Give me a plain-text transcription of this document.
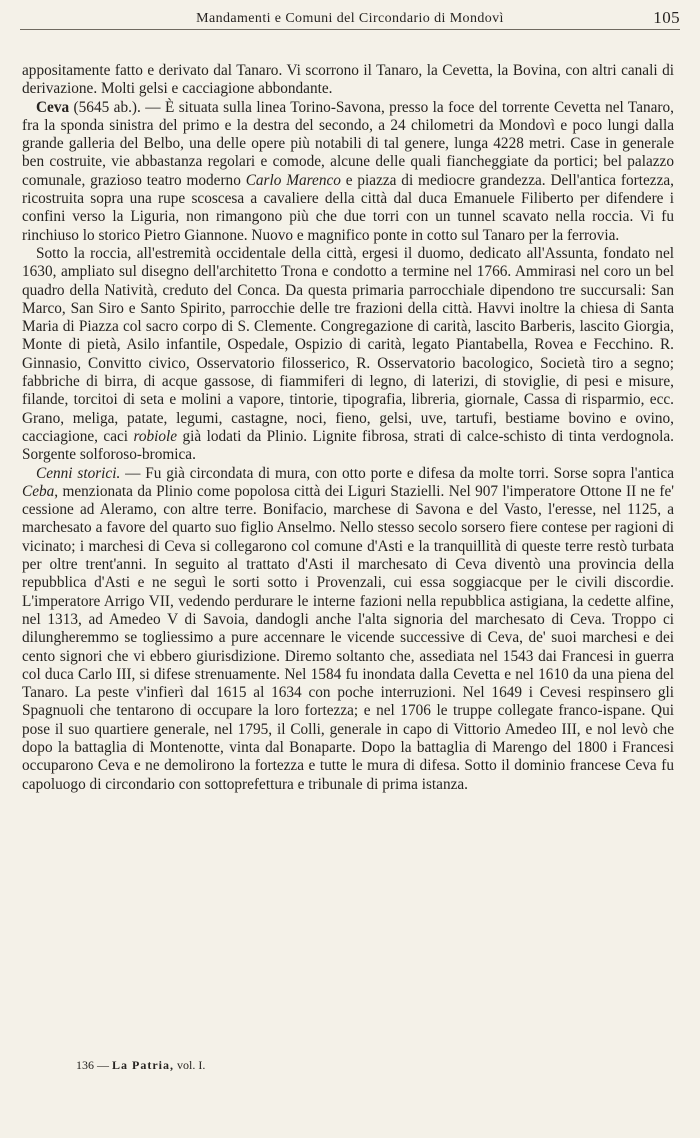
Mandamenti e Comuni del Circondario di Mondovì	105

appositamente fatto e derivato dal Tanaro. Vi scorrono il Tanaro, la Cevetta, la Bovina, con altri canali di derivazione. Molti gelsi e cacciagione abbondante.

Ceva (5645 ab.). — È situata sulla linea Torino-Savona, presso la foce del torrente Cevetta nel Tanaro, fra la sponda sinistra del primo e la destra del secondo, a 24 chilometri da Mondovì e poco lungi dalla grande galleria del Belbo, una delle opere più notabili di tal genere, lunga 4228 metri. Case in generale ben costruite, vie abbastanza regolari e comode, alcune delle quali fiancheggiate da portici; bel palazzo comunale, grazioso teatro moderno Carlo Marenco e piazza di mediocre grandezza. Dell'antica fortezza, ricostruita sopra una rupe scoscesa a cavaliere della città dal duca Emanuele Filiberto per difendere i confini verso la Liguria, non rimangono più che due torri con un tunnel scavato nella roccia. Vi fu rinchiuso lo storico Pietro Giannone. Nuovo e magnifico ponte in cotto sul Tanaro per la ferrovia.

Sotto la roccia, all'estremità occidentale della città, ergesi il duomo, dedicato all'Assunta, fondato nel 1630, ampliato sul disegno dell'architetto Trona e condotto a termine nel 1766. Ammirasi nel coro un bel quadro della Natività, creduto del Conca. Da questa primaria parrocchiale dipendono tre succursali: San Marco, San Siro e Santo Spirito, parrocchie delle tre frazioni della città. Havvi inoltre la chiesa di Santa Maria di Piazza col sacro corpo di S. Clemente. Congregazione di carità, lascito Barberis, lascito Giorgia, Monte di pietà, Asilo infantile, Ospedale, Ospizio di carità, legato Piantabella, Rovea e Fecchino. R. Ginnasio, Convitto civico, Osservatorio filosserico, R. Osservatorio bacologico, Società tiro a segno; fabbriche di birra, di acque gassose, di fiammiferi di legno, di laterizi, di stoviglie, di pesi e misure, filande, torcitoi di seta e molini a vapore, tintorie, tipografia, libreria, giornale, Cassa di risparmio, ecc. Grano, meliga, patate, legumi, castagne, noci, fieno, gelsi, uve, tartufi, bestiame bovino e ovino, cacciagione, caci robiole già lodati da Plinio. Lignite fibrosa, strati di calce-schisto di tinta verdognola. Sorgente solforoso-bromica.

Cenni storici. — Fu già circondata di mura, con otto porte e difesa da molte torri. Sorse sopra l'antica Ceba, menzionata da Plinio come popolosa città dei Liguri Stazielli. Nel 907 l'imperatore Ottone II ne fe' cessione ad Aleramo, con altre terre. Bonifacio, marchese di Savona e del Vasto, l'eresse, nel 1125, a marchesato a favore del quarto suo figlio Anselmo. Nello stesso secolo sorsero fiere contese per ragioni di vicinato; i marchesi di Ceva si collegarono col comune d'Asti e la tranquillità di queste terre restò turbata per oltre trent'anni. In seguito al trattato d'Asti il marchesato di Ceva diventò una provincia della repubblica d'Asti e ne seguì le sorti sotto i Provenzali, cui essa soggiacque per le civili discordie. L'imperatore Arrigo VII, vedendo perdurare le interne fazioni nella repubblica astigiana, la cedette alfine, nel 1313, ad Amedeo V di Savoia, dandogli anche l'alta signoria del marchesato di Ceva. Troppo ci dilungheremmo se togliessimo a pure accennare le vicende successive di Ceva, de' suoi marchesi e dei cento signori che vi ebbero giurisdizione. Diremo soltanto che, assediata nel 1543 dai Francesi in guerra col duca Carlo III, si difese strenuamente. Nel 1584 fu inondata dalla Cevetta e nel 1610 da una piena del Tanaro. La peste v'infierì dal 1615 al 1634 con poche interruzioni. Nel 1649 i Cevesi respinsero gli Spagnuoli che tentarono di occupare la loro fortezza; e nel 1706 le truppe collegate franco-ispane. Qui pose il suo quartiere generale, nel 1795, il Colli, generale in capo di Vittorio Amedeo III, e nol levò che dopo la battaglia di Montenotte, vinta dal Bonaparte. Dopo la battaglia di Marengo del 1800 i Francesi occuparono Ceva e ne demolirono la fortezza e tutte le mura di difesa. Sotto il dominio francese Ceva fu capoluogo di circondario con sottoprefettura e tribunale di prima istanza.

136 — La Patria, vol. I.
